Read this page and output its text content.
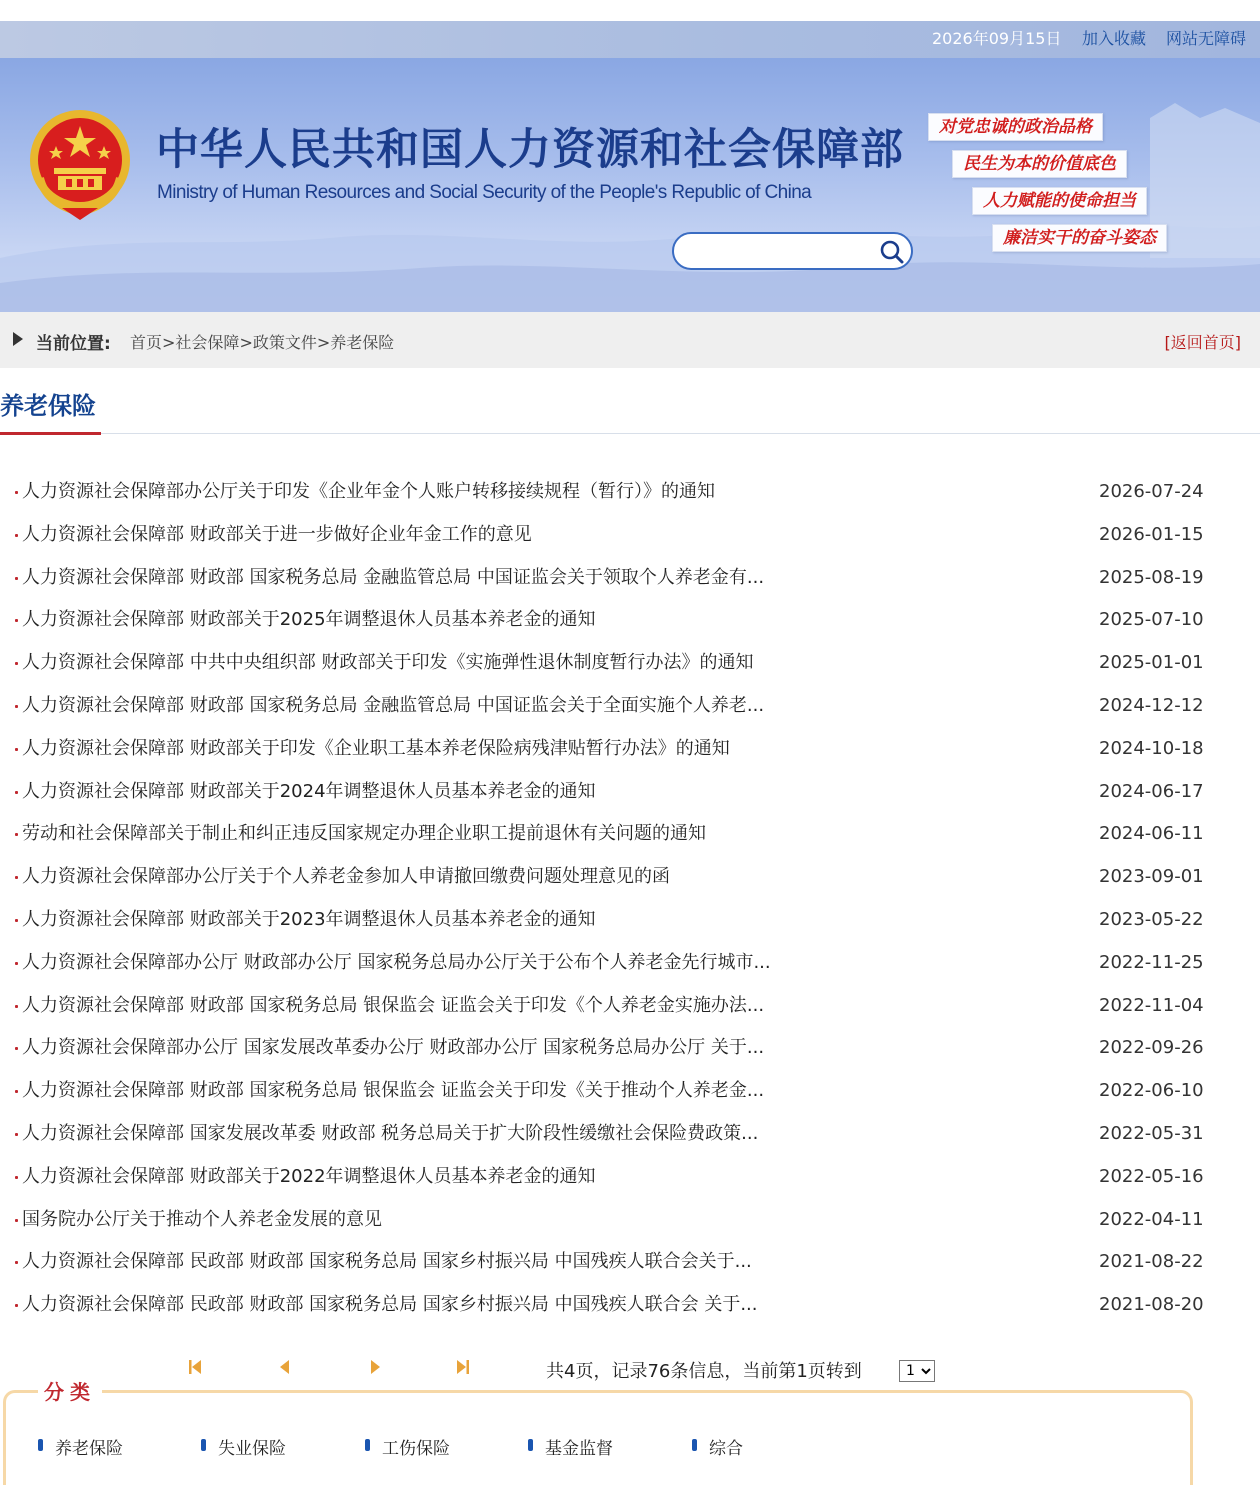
2026年09月15日 加入收藏 网站无障碍
中华人民共和国人力资源和社会保障部
Ministry of Human Resources and Social Security of the People's Republic of China
对党忠诚的政治品格
民生为本的价值底色
人力赋能的使命担当
廉洁实干的奋斗姿态
当前位置: 首页>社会保障>政策文件>养老保险	[返回首页]
养老保险
人力资源社会保障部办公厅关于印发《企业年金个人账户转移接续规程（暂行）》的通知	2026-07-24
人力资源社会保障部 财政部关于进一步做好企业年金工作的意见	2026-01-15
人力资源社会保障部 财政部 国家税务总局 金融监管总局 中国证监会关于领取个人养老金有...	2025-08-19
人力资源社会保障部 财政部关于2025年调整退休人员基本养老金的通知	2025-07-10
人力资源社会保障部 中共中央组织部 财政部关于印发《实施弹性退休制度暂行办法》的通知	2025-01-01
人力资源社会保障部 财政部 国家税务总局 金融监管总局 中国证监会关于全面实施个人养老...	2024-12-12
人力资源社会保障部 财政部关于印发《企业职工基本养老保险病残津贴暂行办法》的通知	2024-10-18
人力资源社会保障部 财政部关于2024年调整退休人员基本养老金的通知	2024-06-17
劳动和社会保障部关于制止和纠正违反国家规定办理企业职工提前退休有关问题的通知	2024-06-11
人力资源社会保障部办公厅关于个人养老金参加人申请撤回缴费问题处理意见的函	2023-09-01
人力资源社会保障部 财政部关于2023年调整退休人员基本养老金的通知	2023-05-22
人力资源社会保障部办公厅 财政部办公厅 国家税务总局办公厅关于公布个人养老金先行城市...	2022-11-25
人力资源社会保障部 财政部 国家税务总局 银保监会 证监会关于印发《个人养老金实施办法...	2022-11-04
人力资源社会保障部办公厅 国家发展改革委办公厅 财政部办公厅 国家税务总局办公厅 关于...	2022-09-26
人力资源社会保障部 财政部 国家税务总局 银保监会 证监会关于印发《关于推动个人养老金...	2022-06-10
人力资源社会保障部 国家发展改革委 财政部 税务总局关于扩大阶段性缓缴社会保险费政策...	2022-05-31
人力资源社会保障部 财政部关于2022年调整退休人员基本养老金的通知	2022-05-16
国务院办公厅关于推动个人养老金发展的意见	2022-04-11
人力资源社会保障部 民政部 财政部 国家税务总局 国家乡村振兴局 中国残疾人联合会关于...	2021-08-22
人力资源社会保障部 民政部 财政部 国家税务总局 国家乡村振兴局 中国残疾人联合会 关于...	2021-08-20
共4页，记录76条信息，当前第1页转到
1
分类
养老保险	失业保险	工伤保险	基金监督	综合
